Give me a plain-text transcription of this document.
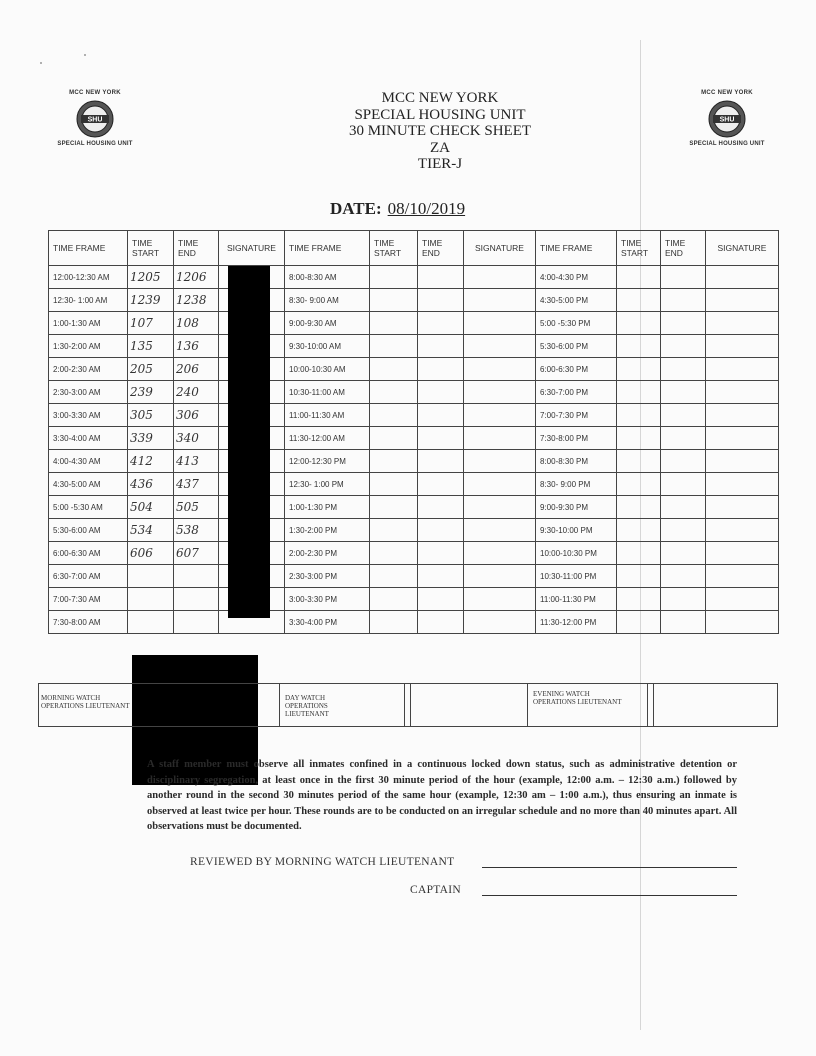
MCC NEW YORK
SHU
SPECIAL HOUSING UNIT
MCC NEW YORK
SHU
SPECIAL HOUSING UNIT
MCC NEW YORK
SPECIAL HOUSING UNIT
30 MINUTE CHECK SHEET
ZA
TIER-J
DATE: 08/10/2019
TIME FRAME	TIME START	TIME END	SIGNATURE	TIME FRAME	TIME START	TIME END	SIGNATURE	TIME FRAME	TIME START	TIME END	SIGNATURE
12:00-12:30 AM	1205	1206		8:00-8:30 AM				4:00-4:30 PM			
12:30- 1:00 AM	1239	1238		8:30- 9:00 AM				4:30-5:00 PM			
1:00-1:30 AM	107	108		9:00-9:30 AM				5:00 -5:30 PM			
1:30-2:00 AM	135	136		9:30-10:00 AM				5:30-6:00 PM			
2:00-2:30 AM	205	206		10:00-10:30 AM				6:00-6:30 PM			
2:30-3:00 AM	239	240		10:30-11:00 AM				6:30-7:00 PM			
3:00-3:30 AM	305	306		11:00-11:30 AM				7:00-7:30 PM			
3:30-4:00 AM	339	340		11:30-12:00 AM				7:30-8:00 PM			
4:00-4:30 AM	412	413		12:00-12:30 PM				8:00-8:30 PM			
4:30-5:00 AM	436	437		12:30- 1:00 PM				8:30- 9:00 PM			
5:00 -5:30 AM	504	505		1:00-1:30 PM				9:00-9:30 PM			
5:30-6:00 AM	534	538		1:30-2:00 PM				9:30-10:00 PM			
6:00-6:30 AM	606	607		2:00-2:30 PM				10:00-10:30 PM			
6:30-7:00 AM				2:30-3:00 PM				10:30-11:00 PM			
7:00-7:30 AM				3:00-3:30 PM				11:00-11:30 PM			
7:30-8:00 AM				3:30-4:00 PM				11:30-12:00 PM			
MORNING WATCH OPERATIONS LIEUTENANT
DAY WATCH OPERATIONS LIEUTENANT
EVENING WATCH OPERATIONS LIEUTENANT
A staff member must observe all inmates confined in a continuous locked down status, such as administrative detention or disciplinary segregation, at least once in the first 30 minute period of the hour (example, 12:00 a.m. – 12:30 a.m.) followed by another round in the second 30 minutes period of the same hour (example, 12:30 am – 1:00 a.m.), thus ensuring an inmate is observed at least twice per hour. These rounds are to be conducted on an irregular schedule and no more than 40 minutes apart. All observations must be documented.
REVIEWED BY MORNING WATCH LIEUTENANT
CAPTAIN
